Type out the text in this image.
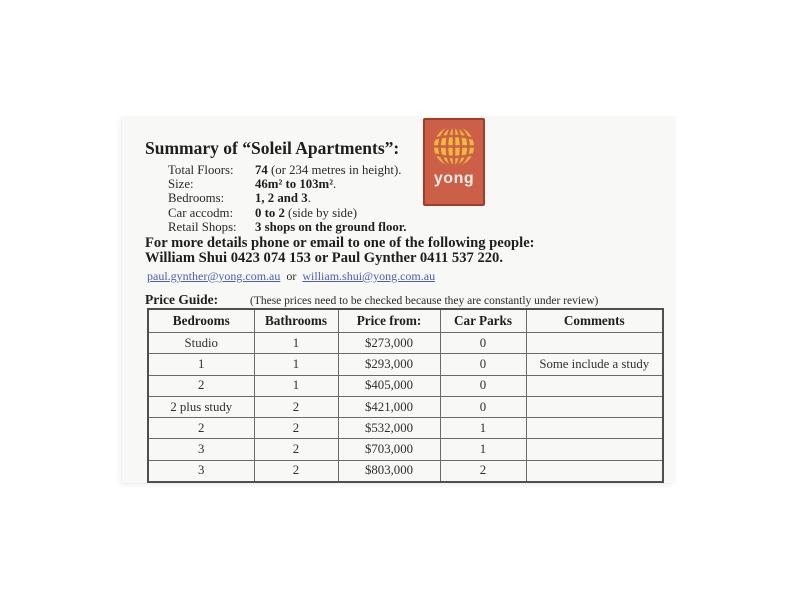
yong
Summary of “Soleil Apartments”:
Total Floors: 74 (or 234 metres in height).
Size:	46m² to 103m².
Bedrooms: 1, 2 and 3.
Car accodm: 0 to 2 (side by side)
Retail Shops: 3 shops on the ground floor.
For more details phone or email to one of the following people:
William Shui 0423 074 153 or Paul Gynther 0411 537 220.
paul.gynther@yong.com.au or william.shui@yong.com.au
Price Guide:	(These prices need to be checked because they are constantly under review)
Bedrooms	Bathrooms	Price from:	Car Parks	Comments
Studio	1	$273,000	0	
1	1	$293,000	0	Some include a study
2	1	$405,000	0	
2 plus study	2	$421,000	0	
2	2	$532,000	1	
3	2	$703,000	1	
3	2	$803,000	2	
